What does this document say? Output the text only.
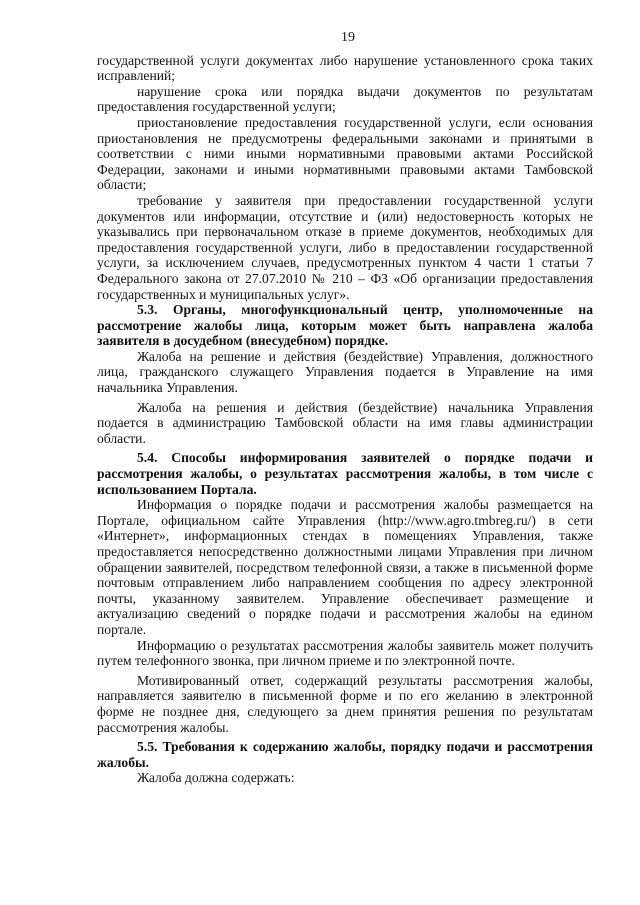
19

государственной услуги документах либо нарушение установленного срока таких исправлений;

нарушение срока или порядка выдачи документов по результатам предоставления государственной услуги;

приостановление предоставления государственной услуги, если основания приостановления не предусмотрены федеральными законами и принятыми в соответствии с ними иными нормативными правовыми актами Российской Федерации, законами и иными нормативными правовыми актами Тамбовской области;

требование у заявителя при предоставлении государственной услуги документов или информации, отсутствие и (или) недостоверность которых не указывались при первоначальном отказе в приеме документов, необходимых для предоставления государственной услуги, либо в предоставлении государственной услуги, за исключением случаев, предусмотренных пунктом 4 части 1 статьи 7 Федерального закона от 27.07.2010 № 210 – ФЗ «Об организации предоставления государственных и муниципальных услуг».

5.3. Органы, многофункциональный центр, уполномоченные на рассмотрение жалобы лица, которым может быть направлена жалоба заявителя в досудебном (внесудебном) порядке.

Жалоба на решение и действия (бездействие) Управления, должностного лица, гражданского служащего Управления подается в Управление на имя начальника Управления.

Жалоба на решения и действия (бездействие) начальника Управления подается в администрацию Тамбовской области на имя главы администрации области.

5.4. Способы информирования заявителей о порядке подачи и рассмотрения жалобы, о результатах рассмотрения жалобы, в том числе с использованием Портала.

Информация о порядке подачи и рассмотрения жалобы размещается на Портале, официальном сайте Управления (http://www.agro.tmbreg.ru/) в сети «Интернет», информационных стендах в помещениях Управления, также предоставляется непосредственно должностными лицами Управления при личном обращении заявителей, посредством телефонной связи, а также в письменной форме почтовым отправлением либо направлением сообщения по адресу электронной почты, указанному заявителем. Управление обеспечивает размещение и актуализацию сведений о порядке подачи и рассмотрения жалобы на едином портале.

Информацию о результатах рассмотрения жалобы заявитель может получить путем телефонного звонка, при личном приеме и по электронной почте.

Мотивированный ответ, содержащий результаты рассмотрения жалобы, направляется заявителю в письменной форме и по его желанию в электронной форме не позднее дня, следующего за днем принятия решения по результатам рассмотрения жалобы.

5.5. Требования к содержанию жалобы, порядку подачи и рассмотрения жалобы.

Жалоба должна содержать:
